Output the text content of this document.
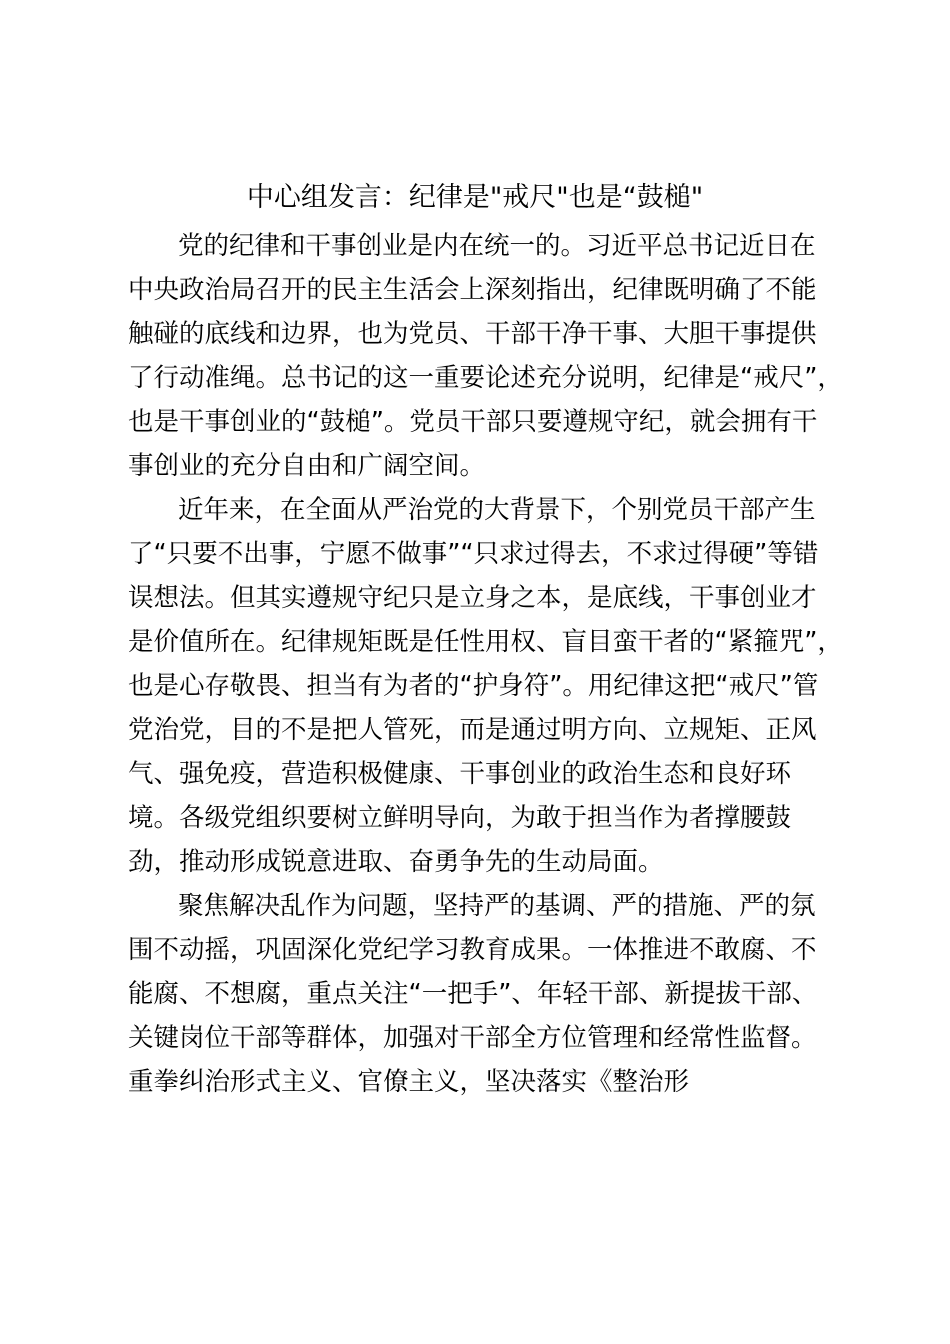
中心组发言：纪律是"戒尺"也是“鼓槌"

党的纪律和干事创业是内在统一的。习近平总书记近日在
中央政治局召开的民主生活会上深刻指出，纪律既明确了不能
触碰的底线和边界，也为党员、干部干净干事、大胆干事提供
了行动准绳。总书记的这一重要论述充分说明，纪律是“戒尺”，
也是干事创业的“鼓槌”。党员干部只要遵规守纪，就会拥有干
事创业的充分自由和广阔空间。

近年来，在全面从严治党的大背景下，个别党员干部产生
了“只要不出事，宁愿不做事”“只求过得去，不求过得硬”等错
误想法。但其实遵规守纪只是立身之本，是底线，干事创业才
是价值所在。纪律规矩既是任性用权、盲目蛮干者的“紧箍咒”，
也是心存敬畏、担当有为者的“护身符”。用纪律这把“戒尺”管
党治党，目的不是把人管死，而是通过明方向、立规矩、正风
气、强免疫，营造积极健康、干事创业的政治生态和良好环
境。各级党组织要树立鲜明导向，为敢于担当作为者撑腰鼓
劲，推动形成锐意进取、奋勇争先的生动局面。

聚焦解决乱作为问题，坚持严的基调、严的措施、严的氛
围不动摇，巩固深化党纪学习教育成果。一体推进不敢腐、不
能腐、不想腐，重点关注“一把手”、年轻干部、新提拔干部、
关键岗位干部等群体，加强对干部全方位管理和经常性监督。
重拳纠治形式主义、官僚主义，坚决落实《整治形
